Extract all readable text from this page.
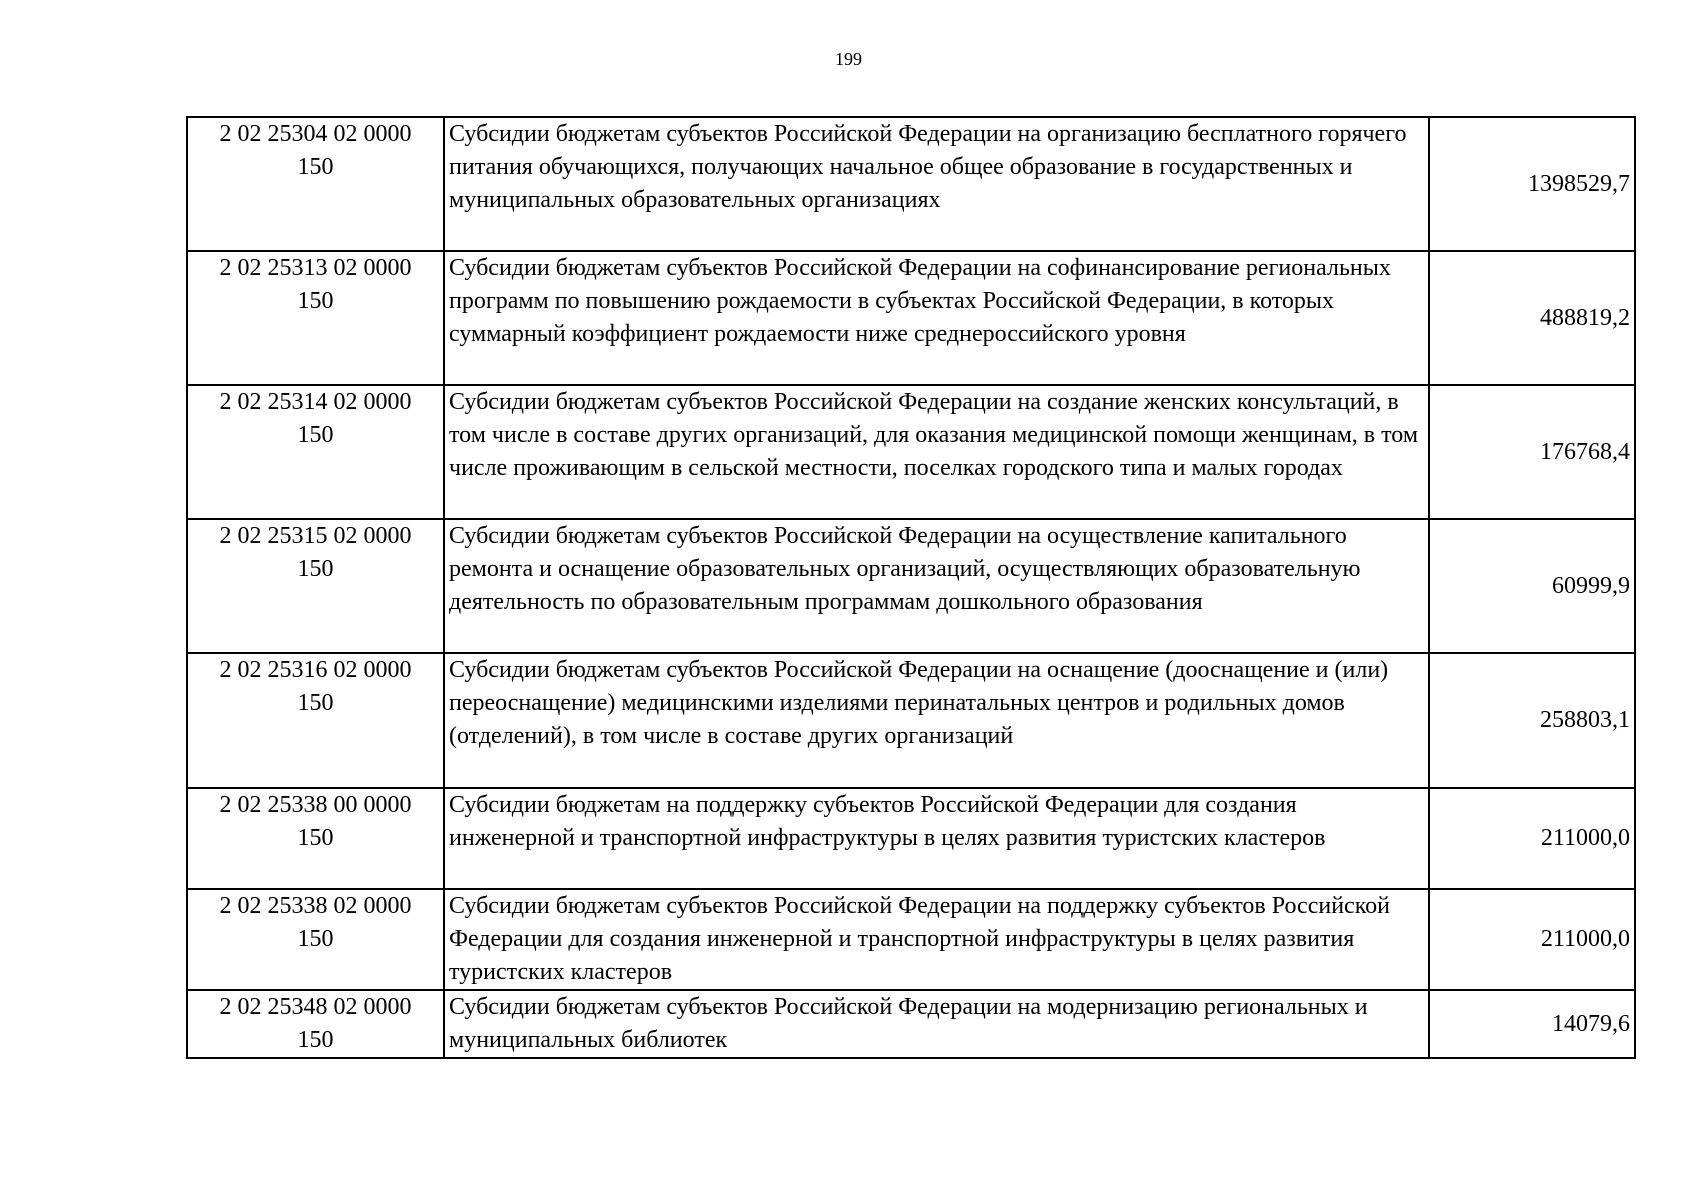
199
2 02 25304 02 0000
150	Субсидии бюджетам субъектов Российской Федерации на организацию бесплатного горячего питания обучающихся, получающих начальное общее образование в государственных и муниципальных образовательных организациях	1398529,7

2 02 25313 02 0000
150	Субсидии бюджетам субъектов Российской Федерации на софинансирование региональных программ по повышению рождаемости в субъектах Российской Федерации, в которых суммарный коэффициент рождаемости ниже среднероссийского уровня	488819,2

2 02 25314 02 0000
150	Субсидии бюджетам субъектов Российской Федерации на создание женских консультаций, в том числе в составе других организаций, для оказания медицинской помощи женщинам, в том числе проживающим в сельской местности, поселках городского типа и малых городах	176768,4

2 02 25315 02 0000
150	Субсидии бюджетам субъектов Российской Федерации на осуществление капитального ремонта и оснащение образовательных организаций, осуществляющих образовательную деятельность по образовательным программам дошкольного образования	60999,9

2 02 25316 02 0000
150	Субсидии бюджетам субъектов Российской Федерации на оснащение (дооснащение и (или) переоснащение) медицинскими изделиями перинатальных центров и родильных домов (отделений), в том числе в составе других организаций	258803,1

2 02 25338 00 0000
150	Субсидии бюджетам на поддержку субъектов Российской Федерации для создания инженерной и транспортной инфраструктуры в целях развития туристских кластеров	211000,0

2 02 25338 02 0000
150	Субсидии бюджетам субъектов Российской Федерации на поддержку субъектов Российской Федерации для создания инженерной и транспортной инфраструктуры в целях развития туристских кластеров	211000,0

2 02 25348 02 0000
150	Субсидии бюджетам субъектов Российской Федерации на модернизацию региональных и муниципальных библиотек	14079,6
